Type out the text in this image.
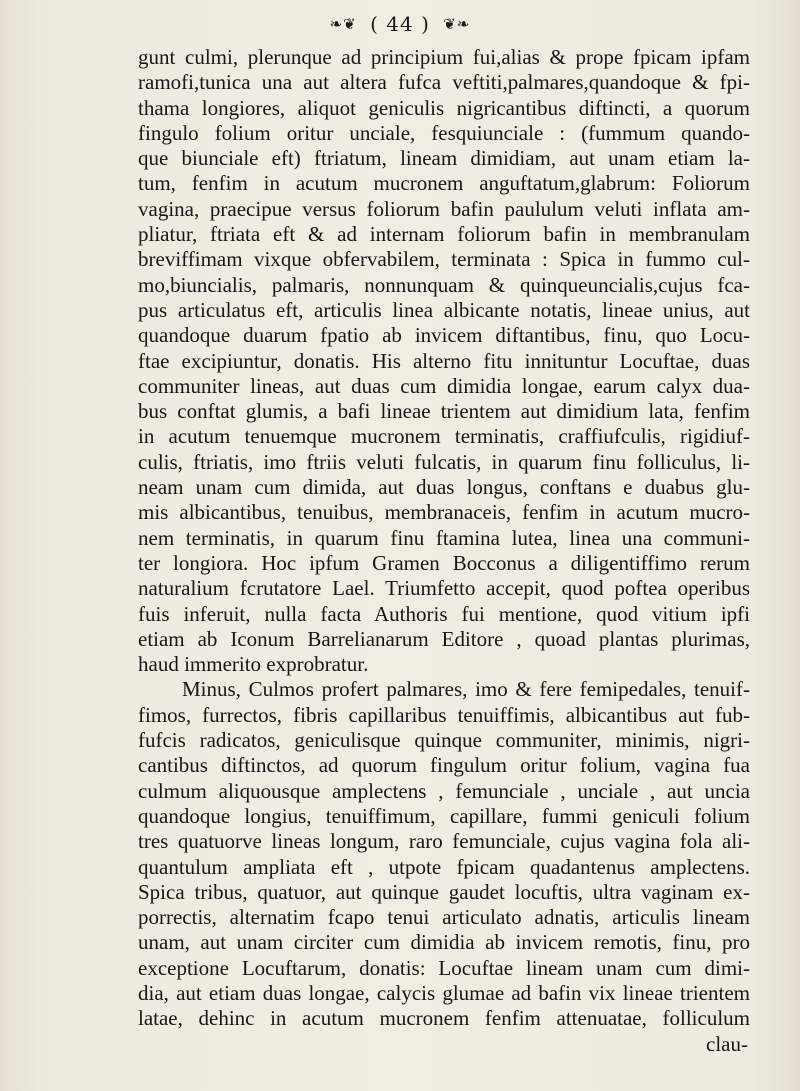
❧❦ ( 44 ) ❦❧
gunt culmi, plerunque ad principium fui,alias & prope fpicam ipfam
ramofi,tunica una aut altera fufca veftiti,palmares,quandoque & fpi-
thama longiores, aliquot geniculis nigricantibus diftincti, a quorum
fingulo folium oritur unciale, fesquiunciale : (fummum quando-
que biunciale eft) ftriatum, lineam dimidiam, aut unam etiam la-
tum, fenfim in acutum mucronem anguftatum,glabrum: Foliorum
vagina, praecipue versus foliorum bafin paululum veluti inflata am-
pliatur, ftriata eft & ad internam foliorum bafin in membranulam
breviffimam vixque obfervabilem, terminata : Spica in fummo cul-
mo,biuncialis, palmaris, nonnunquam & quinqueuncialis,cujus fca-
pus articulatus eft, articulis linea albicante notatis, lineae unius, aut
quandoque duarum fpatio ab invicem diftantibus, finu, quo Locu-
ftae excipiuntur, donatis. His alterno fitu innituntur Locuftae, duas
communiter lineas, aut duas cum dimidia longae, earum calyx dua-
bus conftat glumis, a bafi lineae trientem aut dimidium lata, fenfim
in acutum tenuemque mucronem terminatis, craffiufculis, rigidiuf-
culis, ftriatis, imo ftriis veluti fulcatis, in quarum finu folliculus, li-
neam unam cum dimida, aut duas longus, conftans e duabus glu-
mis albicantibus, tenuibus, membranaceis, fenfim in acutum mucro-
nem terminatis, in quarum finu ftamina lutea, linea una communi-
ter longiora. Hoc ipfum Gramen Bocconus a diligentiffimo rerum
naturalium fcrutatore Lael. Triumfetto accepit, quod poftea operibus
fuis inferuit, nulla facta Authoris fui mentione, quod vitium ipfi
etiam ab Iconum Barrelianarum Editore , quoad plantas plurimas,
haud immerito exprobratur.
Minus, Culmos profert palmares, imo & fere femipedales, tenuif-
fimos, furrectos, fibris capillaribus tenuiffimis, albicantibus aut fub-
fufcis radicatos, geniculisque quinque communiter, minimis, nigri-
cantibus diftinctos, ad quorum fingulum oritur folium, vagina fua
culmum aliquousque amplectens , femunciale , unciale , aut uncia
quandoque longius, tenuiffimum, capillare, fummi geniculi folium
tres quatuorve lineas longum, raro femunciale, cujus vagina fola ali-
quantulum ampliata eft , utpote fpicam quadantenus amplectens.
Spica tribus, quatuor, aut quinque gaudet locuftis, ultra vaginam ex-
porrectis, alternatim fcapo tenui articulato adnatis, articulis lineam
unam, aut unam circiter cum dimidia ab invicem remotis, finu, pro
exceptione Locuftarum, donatis: Locuftae lineam unam cum dimi-
dia, aut etiam duas longae, calycis glumae ad bafin vix lineae trientem
latae, dehinc in acutum mucronem fenfim attenuatae, folliculum
clau-
